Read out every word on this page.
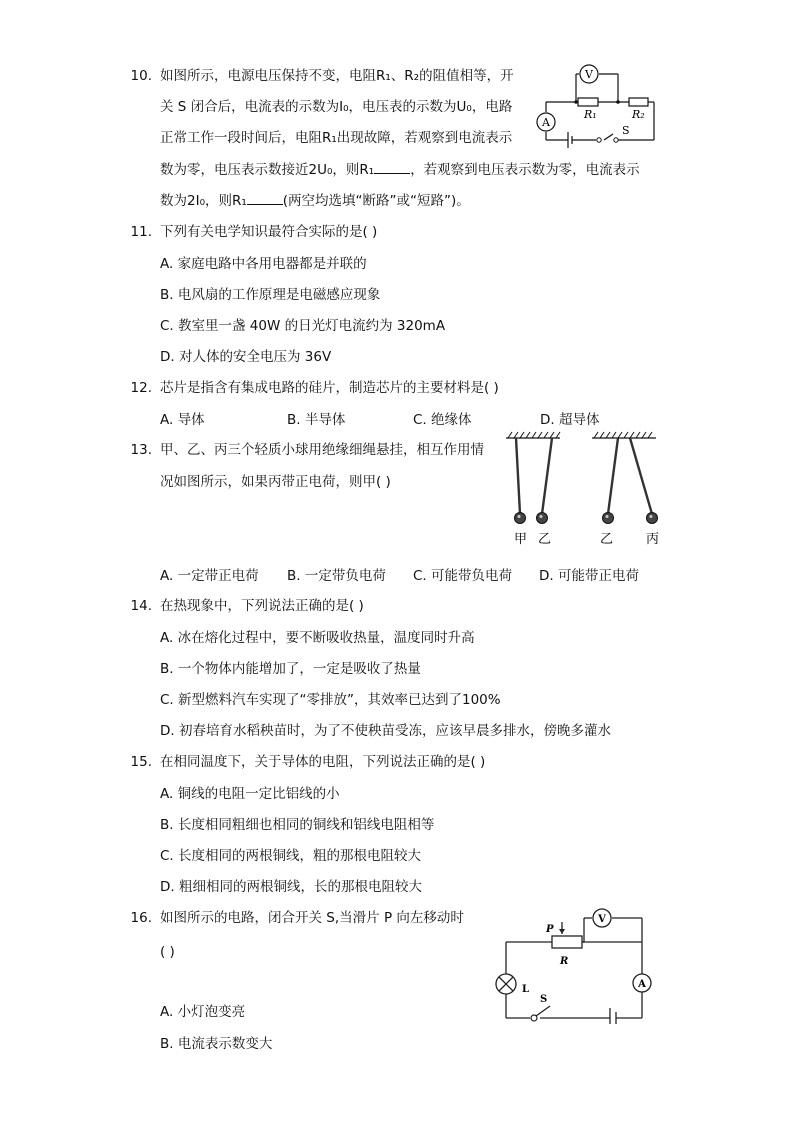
10. 如图所示，电源电压保持不变，电阻R₁、R₂的阻值相等，开
关 S 闭合后，电流表的示数为I₀，电压表的示数为U₀，电路
正常工作一段时间后，电阻R₁出现故障，若观察到电流表示
数为零，电压表示数接近2U₀，则R₁	，若观察到电压表示数为零，电流表示
数为2I₀，则R₁	(两空均选填“断路”或“短路”)。
V
A
R₁	R₂
S
11. 下列有关电学知识最符合实际的是( )
A. 家庭电路中各用电器都是并联的
B. 电风扇的工作原理是电磁感应现象
C. 教室里一盏 40W 的日光灯电流约为 320mA
D. 对人体的安全电压为 36V
12. 芯片是指含有集成电路的硅片，制造芯片的主要材料是( )
A. 导体	B. 半导体	C. 绝缘体	D. 超导体
13. 甲、乙、丙三个轻质小球用绝缘细绳悬挂，相互作用情
况如图所示，如果丙带正电荷，则甲( )
甲 乙	乙	丙
A. 一定带正电荷 B. 一定带负电荷 C. 可能带负电荷 D. 可能带正电荷
14. 在热现象中，下列说法正确的是( )
A. 冰在熔化过程中，要不断吸收热量，温度同时升高
B. 一个物体内能增加了，一定是吸收了热量
C. 新型燃料汽车实现了“零排放”，其效率已达到了100%
D. 初春培育水稻秧苗时，为了不使秧苗受冻，应该早晨多排水，傍晚多灌水
15. 在相同温度下，关于导体的电阻，下列说法正确的是( )
A. 铜线的电阻一定比铝线的小
B. 长度相同粗细也相同的铜线和铝线电阻相等
C. 长度相同的两根铜线，粗的那根电阻较大
D. 粗细相同的两根铜线，长的那根电阻较大
16. 如图所示的电路，闭合开关 S,当滑片 P 向左移动时
( )
V
A
P
R
L
S
A. 小灯泡变亮
B. 电流表示数变大
